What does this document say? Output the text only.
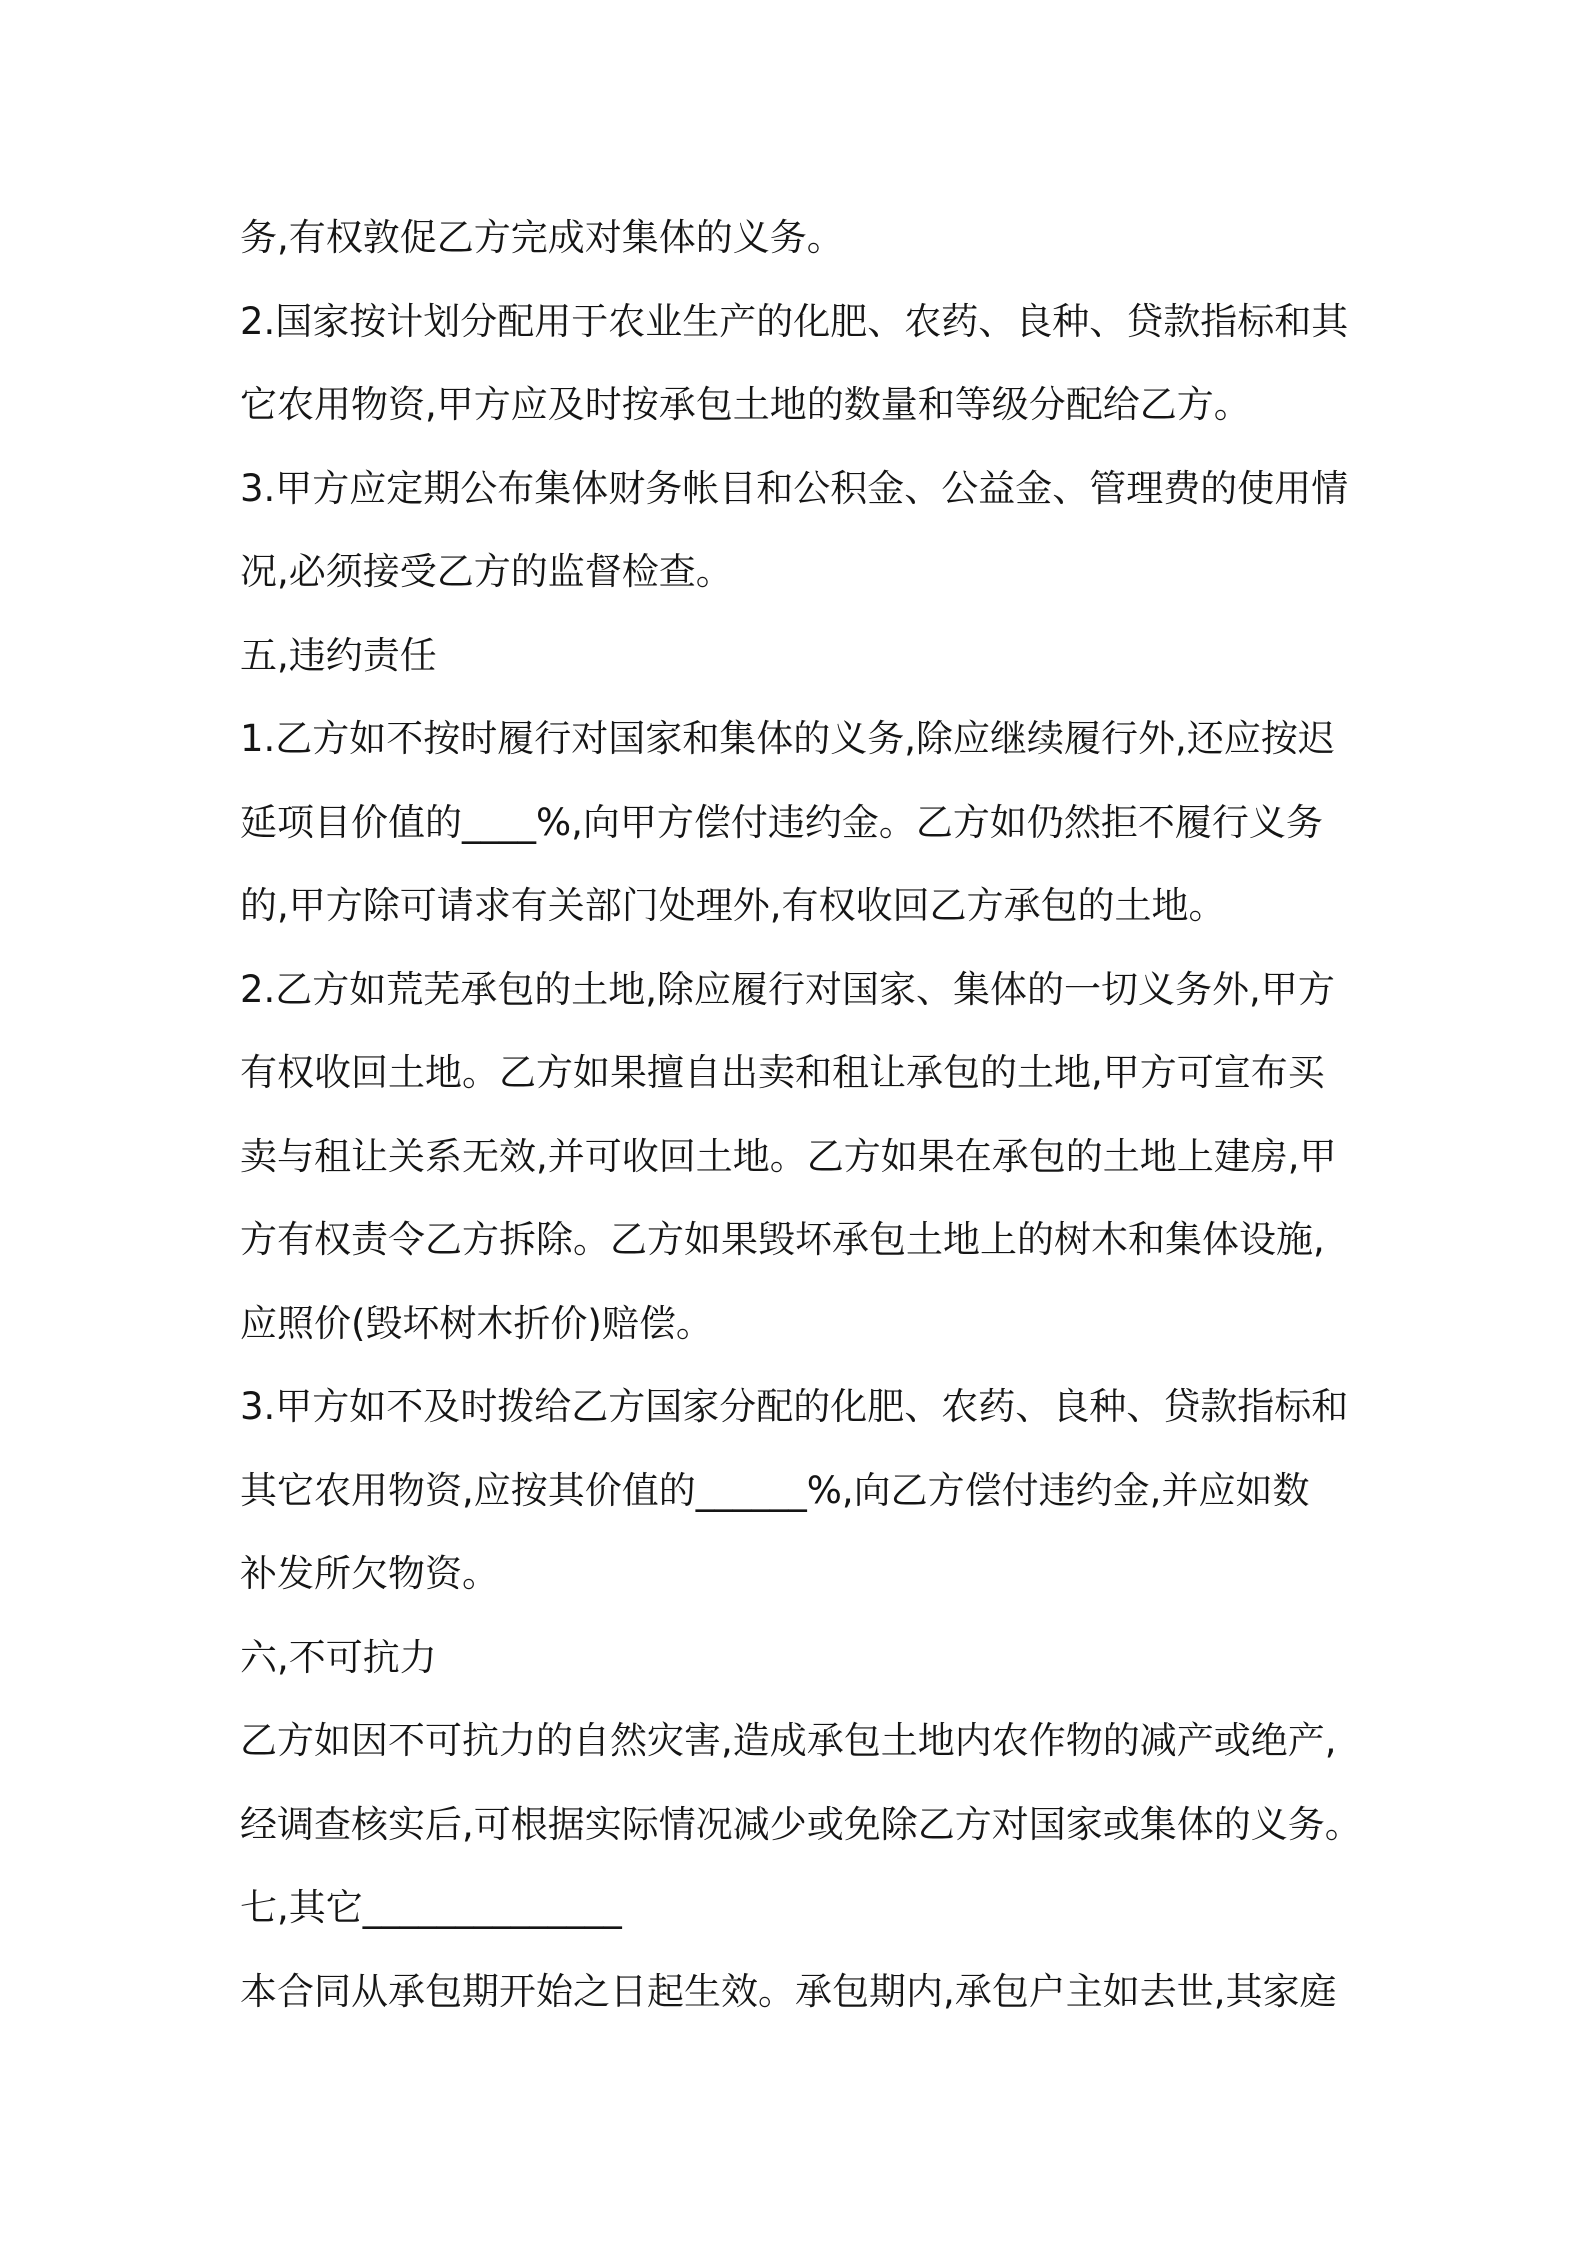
务,有权敦促乙方完成对集体的义务。
2.国家按计划分配用于农业生产的化肥、农药、良种、贷款指标和其
它农用物资,甲方应及时按承包土地的数量和等级分配给乙方。
3.甲方应定期公布集体财务帐目和公积金、公益金、管理费的使用情
况,必须接受乙方的监督检查。
五,违约责任
1.乙方如不按时履行对国家和集体的义务,除应继续履行外,还应按迟
延项目价值的____%,向甲方偿付违约金。乙方如仍然拒不履行义务
的,甲方除可请求有关部门处理外,有权收回乙方承包的土地。
2.乙方如荒芜承包的土地,除应履行对国家、集体的一切义务外,甲方
有权收回土地。乙方如果擅自出卖和租让承包的土地,甲方可宣布买
卖与租让关系无效,并可收回土地。乙方如果在承包的土地上建房,甲
方有权责令乙方拆除。乙方如果毁坏承包土地上的树木和集体设施,
应照价(毁坏树木折价)赔偿。
3.甲方如不及时拨给乙方国家分配的化肥、农药、良种、贷款指标和
其它农用物资,应按其价值的______%,向乙方偿付违约金,并应如数
补发所欠物资。
六,不可抗力
乙方如因不可抗力的自然灾害,造成承包土地内农作物的减产或绝产,
经调查核实后,可根据实际情况减少或免除乙方对国家或集体的义务。
七,其它______________
本合同从承包期开始之日起生效。承包期内,承包户主如去世,其家庭
